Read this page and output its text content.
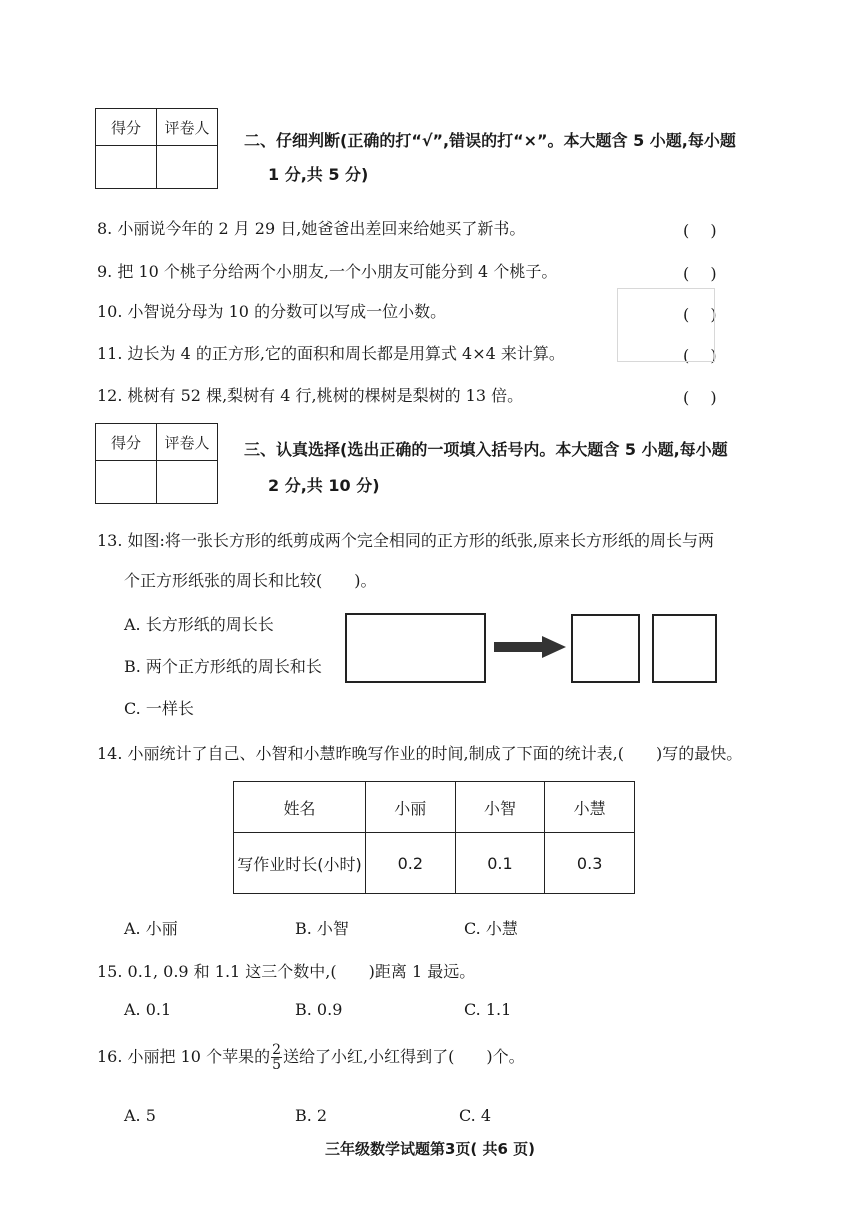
得分	评卷人

二、仔细判断(正确的打“√”,错误的打“×”。本大题含 5 小题,每小题
1 分,共 5 分)
8. 小丽说今年的 2 月 29 日,她爸爸出差回来给她买了新书。	(　 )
9. 把 10 个桃子分给两个小朋友,一个小朋友可能分到 4 个桃子。	(　 )
10. 小智说分母为 10 的分数可以写成一位小数。	(　 )
11. 边长为 4 的正方形,它的面积和周长都是用算式 4×4 来计算。	(　 )
12. 桃树有 52 棵,梨树有 4 行,桃树的棵树是梨树的 13 倍。	(　 )
得分	评卷人
	三、认真选择(选出正确的一项填入括号内。本大题含 5 小题,每小题
2 分,共 10 分)
13. 如图:将一张长方形的纸剪成两个完全相同的正方形的纸张,原来长方形纸的周长与两
个正方形纸张的周长和比较(　　)。
A. 长方形纸的周长长
B. 两个正方形纸的周长和长
C. 一样长
14. 小丽统计了自己、小智和小慧昨晚写作业的时间,制成了下面的统计表,(　　)写的最快。
姓名	小丽	小智	小慧
写作业时长(小时)	0.2	0.1	0.3
A. 小丽	B. 小智	C. 小慧
15. 0.1, 0.9 和 1.1 这三个数中,(　　)距离 1 最远。
A. 0.1	B. 0.9	C. 1.1
16. 小丽把 10 个苹果的 $\frac{2}{5}$ 送给了小红,小红得到了(　　)个。
A. 5	B. 2	C. 4
三年级数学试题第3页( 共6 页)
